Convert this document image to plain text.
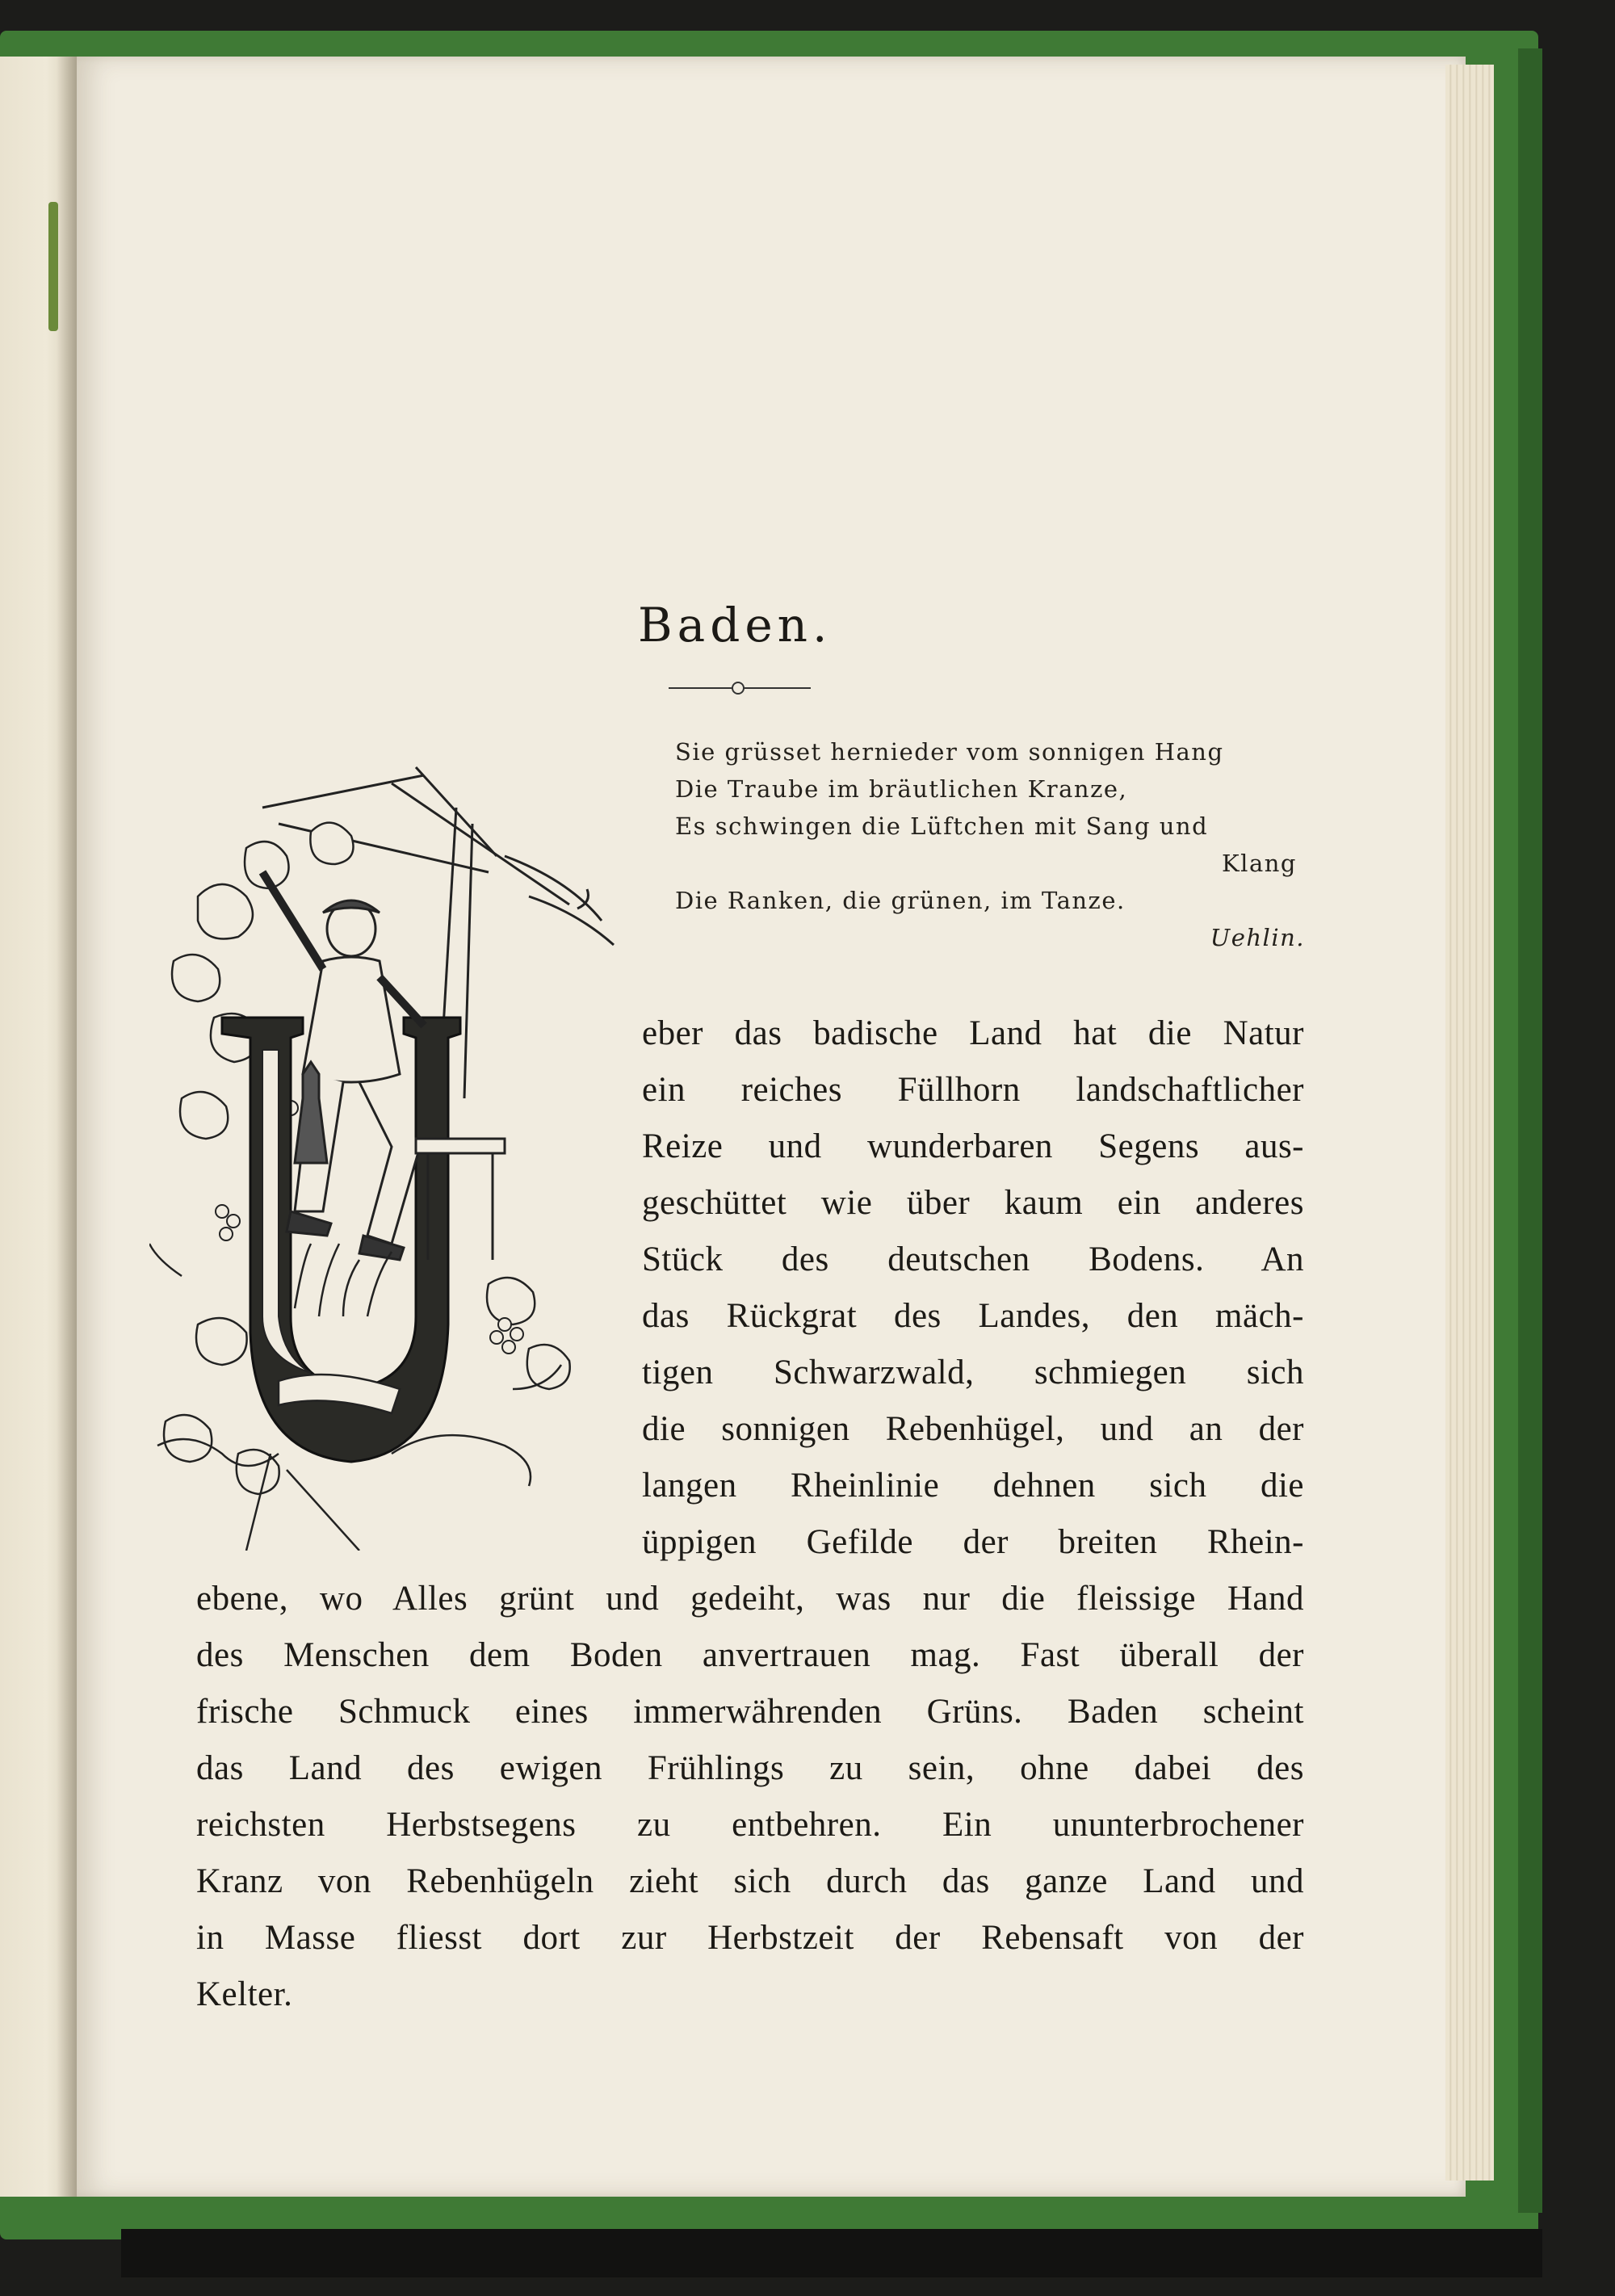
Baden.
Sie grüsset hernieder vom sonnigen Hang
Die Traube im bräutlichen Kranze,
Es schwingen die Lüftchen mit Sang und
Klang
Die Ranken, die grünen, im Tanze.
Uehlin.
eber das badische Land hat die Natur
ein reiches Füllhorn landschaftlicher
Reize und wunderbaren Segens aus-
geschüttet wie über kaum ein anderes
Stück des deutschen Bodens. An
das Rückgrat des Landes, den mäch-
tigen Schwarzwald, schmiegen sich
die sonnigen Rebenhügel, und an der
langen Rheinlinie dehnen sich die
üppigen Gefilde der breiten Rhein-
ebene, wo Alles grünt und gedeiht, was nur die fleissige Hand
des Menschen dem Boden anvertrauen mag. Fast überall der
frische Schmuck eines immerwährenden Grüns. Baden scheint
das Land des ewigen Frühlings zu sein, ohne dabei des
reichsten Herbstsegens zu entbehren. Ein ununterbrochener
Kranz von Rebenhügeln zieht sich durch das ganze Land und
in Masse fliesst dort zur Herbstzeit der Rebensaft von der
Kelter.
